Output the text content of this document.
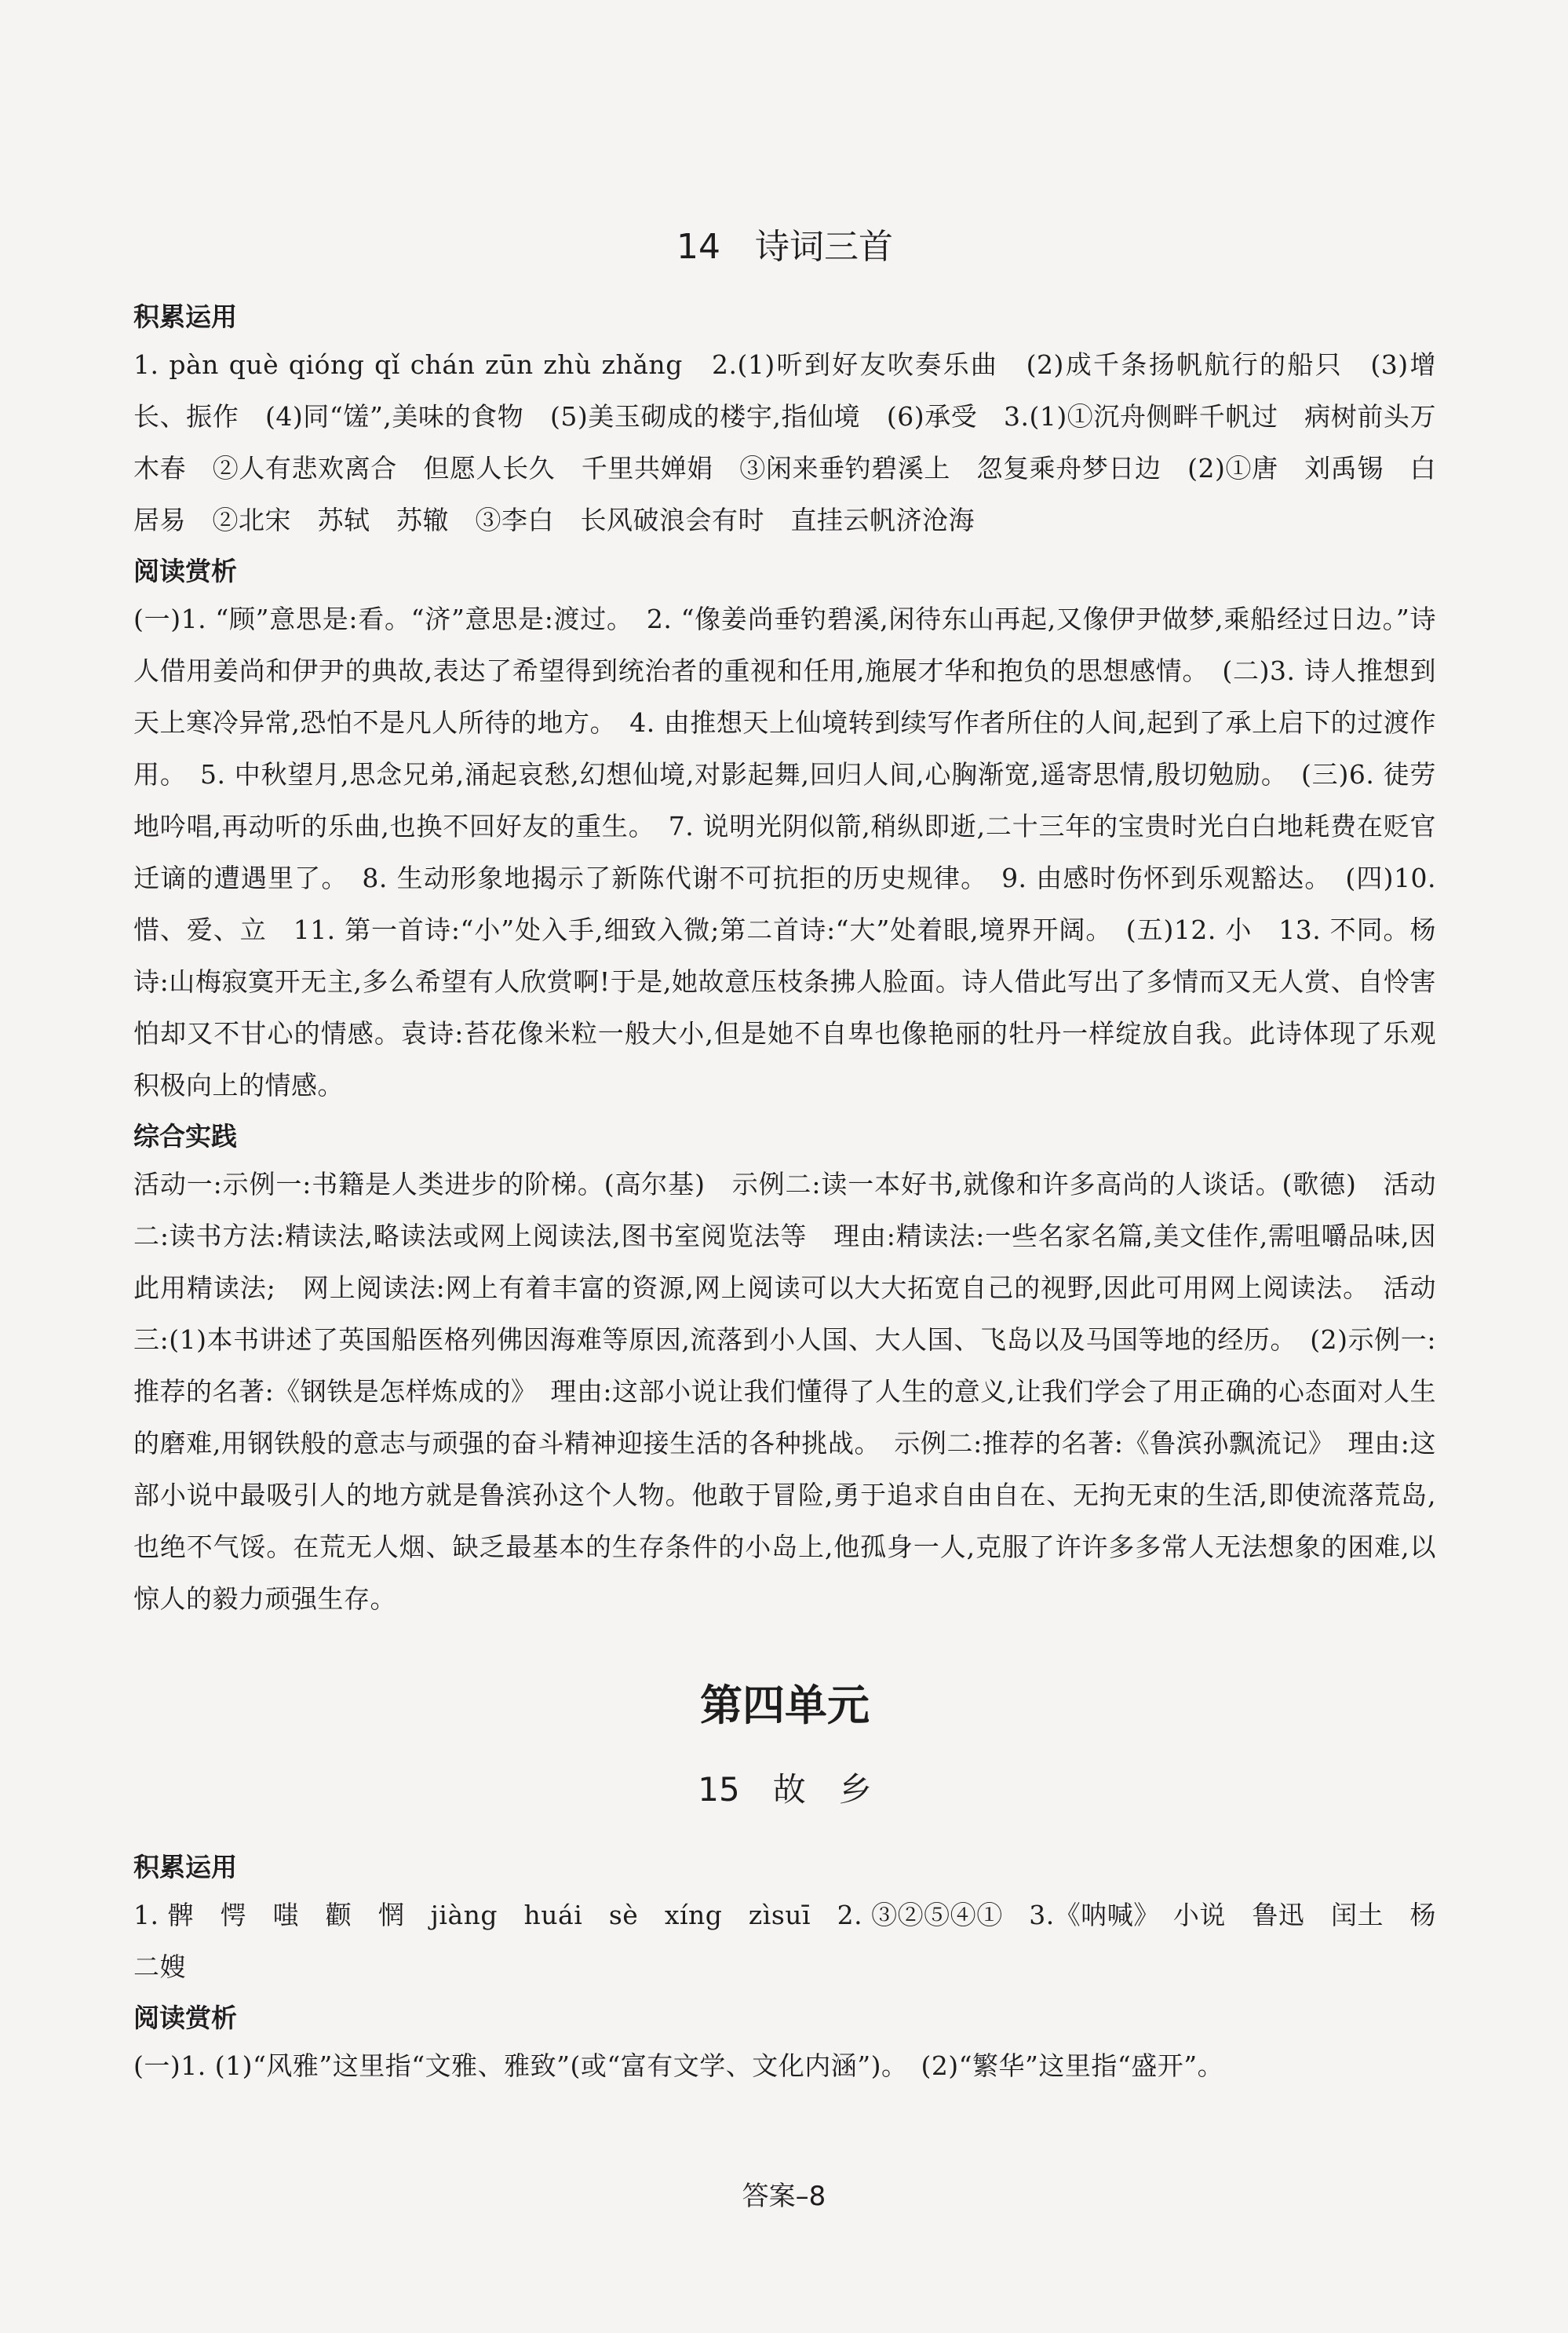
14　诗词三首
积累运用

1. pàn què qióng qǐ chán zūn zhù zhǎng　2.(1)听到好友吹奏乐曲　(2)成千条扬帆航行的船只　(3)增长、振作　(4)同“馐”,美味的食物　(5)美玉砌成的楼宇,指仙境　(6)承受　3.(1)①沉舟侧畔千帆过　病树前头万木春　②人有悲欢离合　但愿人长久　千里共婵娟　③闲来垂钓碧溪上　忽复乘舟梦日边　(2)①唐　刘禹锡　白居易　②北宋　苏轼　苏辙　③李白　长风破浪会有时　直挂云帆济沧海

阅读赏析

(一)1. “顾”意思是:看。“济”意思是:渡过。　2. “像姜尚垂钓碧溪,闲待东山再起,又像伊尹做梦,乘船经过日边。”诗人借用姜尚和伊尹的典故,表达了希望得到统治者的重视和任用,施展才华和抱负的思想感情。　(二)3. 诗人推想到天上寒冷异常,恐怕不是凡人所待的地方。　4. 由推想天上仙境转到续写作者所住的人间,起到了承上启下的过渡作用。　5. 中秋望月,思念兄弟,涌起哀愁,幻想仙境,对影起舞,回归人间,心胸渐宽,遥寄思情,殷切勉励。　(三)6. 徒劳地吟唱,再动听的乐曲,也换不回好友的重生。　7. 说明光阴似箭,稍纵即逝,二十三年的宝贵时光白白地耗费在贬官迁谪的遭遇里了。　8. 生动形象地揭示了新陈代谢不可抗拒的历史规律。　9. 由感时伤怀到乐观豁达。　(四)10. 惜、爱、立　11. 第一首诗:“小”处入手,细致入微;第二首诗:“大”处着眼,境界开阔。　(五)12. 小　13. 不同。杨诗:山梅寂寞开无主,多么希望有人欣赏啊!于是,她故意压枝条拂人脸面。诗人借此写出了多情而又无人赏、自怜害怕却又不甘心的情感。袁诗:苔花像米粒一般大小,但是她不自卑也像艳丽的牡丹一样绽放自我。此诗体现了乐观积极向上的情感。

综合实践

活动一:示例一:书籍是人类进步的阶梯。(高尔基)　示例二:读一本好书,就像和许多高尚的人谈话。(歌德)　活动二:读书方法:精读法,略读法或网上阅读法,图书室阅览法等　理由:精读法:一些名家名篇,美文佳作,需咀嚼品味,因此用精读法;　网上阅读法:网上有着丰富的资源,网上阅读可以大大拓宽自己的视野,因此可用网上阅读法。　活动三:(1)本书讲述了英国船医格列佛因海难等原因,流落到小人国、大人国、飞岛以及马国等地的经历。　(2)示例一:推荐的名著:《钢铁是怎样炼成的》　理由:这部小说让我们懂得了人生的意义,让我们学会了用正确的心态面对人生的磨难,用钢铁般的意志与顽强的奋斗精神迎接生活的各种挑战。　示例二:推荐的名著:《鲁滨孙飘流记》　理由:这部小说中最吸引人的地方就是鲁滨孙这个人物。他敢于冒险,勇于追求自由自在、无拘无束的生活,即使流落荒岛,也绝不气馁。在荒无人烟、缺乏最基本的生存条件的小岛上,他孤身一人,克服了许许多多常人无法想象的困难,以惊人的毅力顽强生存。

第四单元
15　故　乡
积累运用

1. 髀　愕　嗤　颧　惘　jiàng　huái　sè　xíng　zìsuī　2. ③②⑤④①　3.《呐喊》　小说　鲁迅　闰土　杨二嫂

阅读赏析

(一)1. (1)“风雅”这里指“文雅、雅致”(或“富有文学、文化内涵”)。　(2)“繁华”这里指“盛开”。

答案–8
